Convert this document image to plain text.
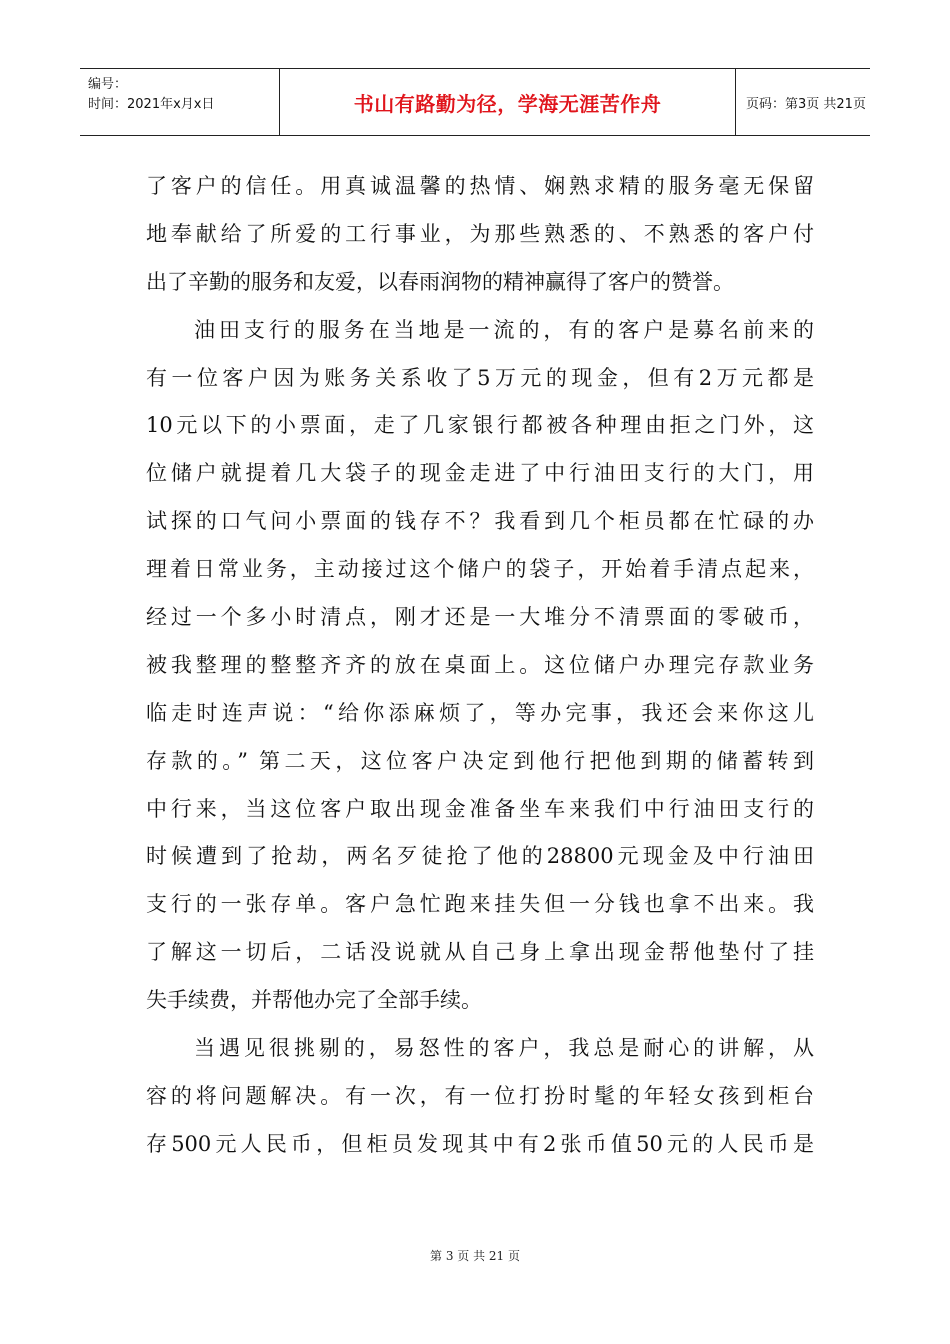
编号：
时间：2021年x月x日	书山有路勤为径，学海无涯苦作舟	页码：第3页 共21页
了客户的信任。用真诚温馨的热情、娴熟求精的服务毫无保留
地奉献给了所爱的工行事业，为那些熟悉的、不熟悉的客户付
出了辛勤的服务和友爱，以春雨润物的精神赢得了客户的赞誉。
油田支行的服务在当地是一流的，有的客户是募名前来的
有一位客户因为账务关系收了5万元的现金，但有2万元都是
10元以下的小票面，走了几家银行都被各种理由拒之门外，这
位储户就提着几大袋子的现金走进了中行油田支行的大门，用
试探的口气问小票面的钱存不？我看到几个柜员都在忙碌的办
理着日常业务，主动接过这个储户的袋子，开始着手清点起来，
经过一个多小时清点，刚才还是一大堆分不清票面的零破币，
被我整理的整整齐齐的放在桌面上。这位储户办理完存款业务
临走时连声说：“给你添麻烦了，等办完事，我还会来你这儿
存款的。” 第二天，这位客户决定到他行把他到期的储蓄转到
中行来，当这位客户取出现金准备坐车来我们中行油田支行的
时候遭到了抢劫，两名歹徒抢了他的28800元现金及中行油田
支行的一张存单。客户急忙跑来挂失但一分钱也拿不出来。我
了解这一切后，二话没说就从自己身上拿出现金帮他垫付了挂
失手续费，并帮他办完了全部手续。
当遇见很挑剔的，易怒性的客户，我总是耐心的讲解，从
容的将问题解决。有一次，有一位打扮时髦的年轻女孩到柜台
存500元人民币，但柜员发现其中有2张币值50元的人民币是
第 3 页 共 21 页
